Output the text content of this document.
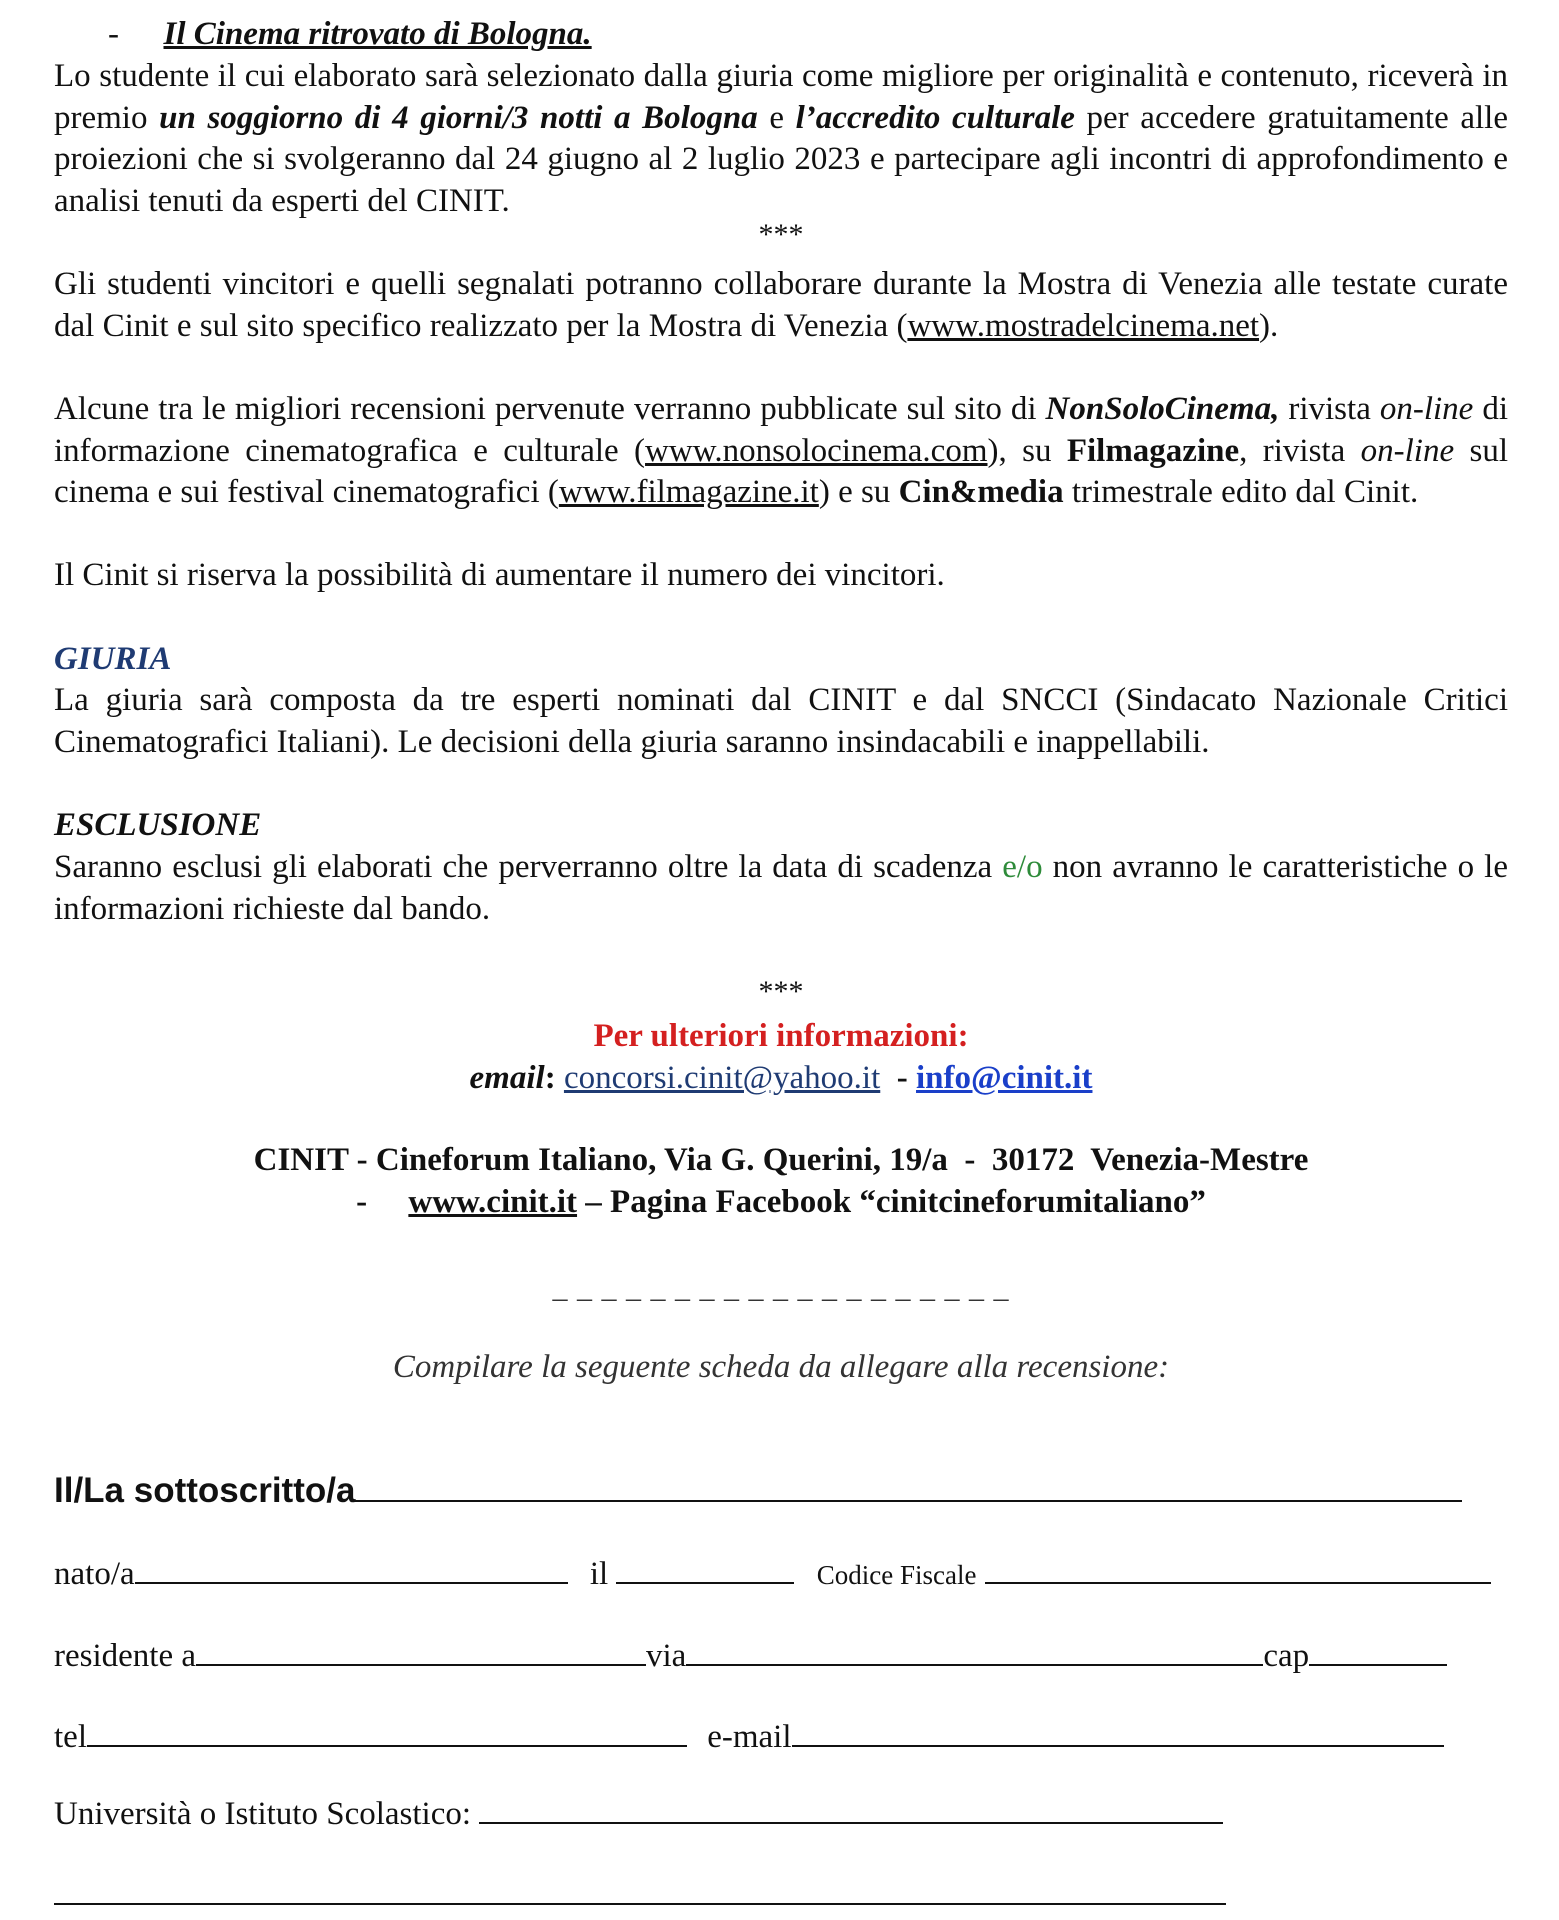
- Il Cinema ritrovato di Bologna.

Lo studente il cui elaborato sarà selezionato dalla giuria come migliore per originalità e contenuto, riceverà in premio un soggiorno di 4 giorni/3 notti a Bologna e l’accredito culturale per accedere gratuitamente alle proiezioni che si svolgeranno dal 24 giugno al 2 luglio 2023 e partecipare agli incontri di approfondimento e analisi tenuti da esperti del CINIT.

***

Gli studenti vincitori e quelli segnalati potranno collaborare durante la Mostra di Venezia alle testate curate dal Cinit e sul sito specifico realizzato per la Mostra di Venezia (www.mostradelcinema.net).

Alcune tra le migliori recensioni pervenute verranno pubblicate sul sito di NonSoloCinema, rivista on-line di informazione cinematografica e culturale (www.nonsolocinema.com), su Filmagazine, rivista on-line sul cinema e sui festival cinematografici (www.filmagazine.it) e su Cin&media trimestrale edito dal Cinit.

Il Cinit si riserva la possibilità di aumentare il numero dei vincitori.

GIURIA

La giuria sarà composta da tre esperti nominati dal CINIT e dal SNCCI (Sindacato Nazionale Critici Cinematografici Italiani). Le decisioni della giuria saranno insindacabili e inappellabili.

ESCLUSIONE

Saranno esclusi gli elaborati che perverranno oltre la data di scadenza e/o non avranno le caratteristiche o le informazioni richieste dal bando.

***
Per ulteriori informazioni:
email: concorsi.cinit@yahoo.it - info@cinit.it
CINIT - Cineforum Italiano, Via G. Querini, 19/a  -  30172  Venezia-Mestre
- www.cinit.it – Pagina Facebook “cinitcineforumitaliano”
_ _ _ _ _ _ _ _ _ _ _ _ _ _ _ _ _ _ _
Compilare la seguente scheda da allegare alla recensione:
Il/La sottoscritto/a
nato/a	il	Codice Fiscale
residente a	via	cap
tel	e-mail
Università o Istituto Scolastico:
